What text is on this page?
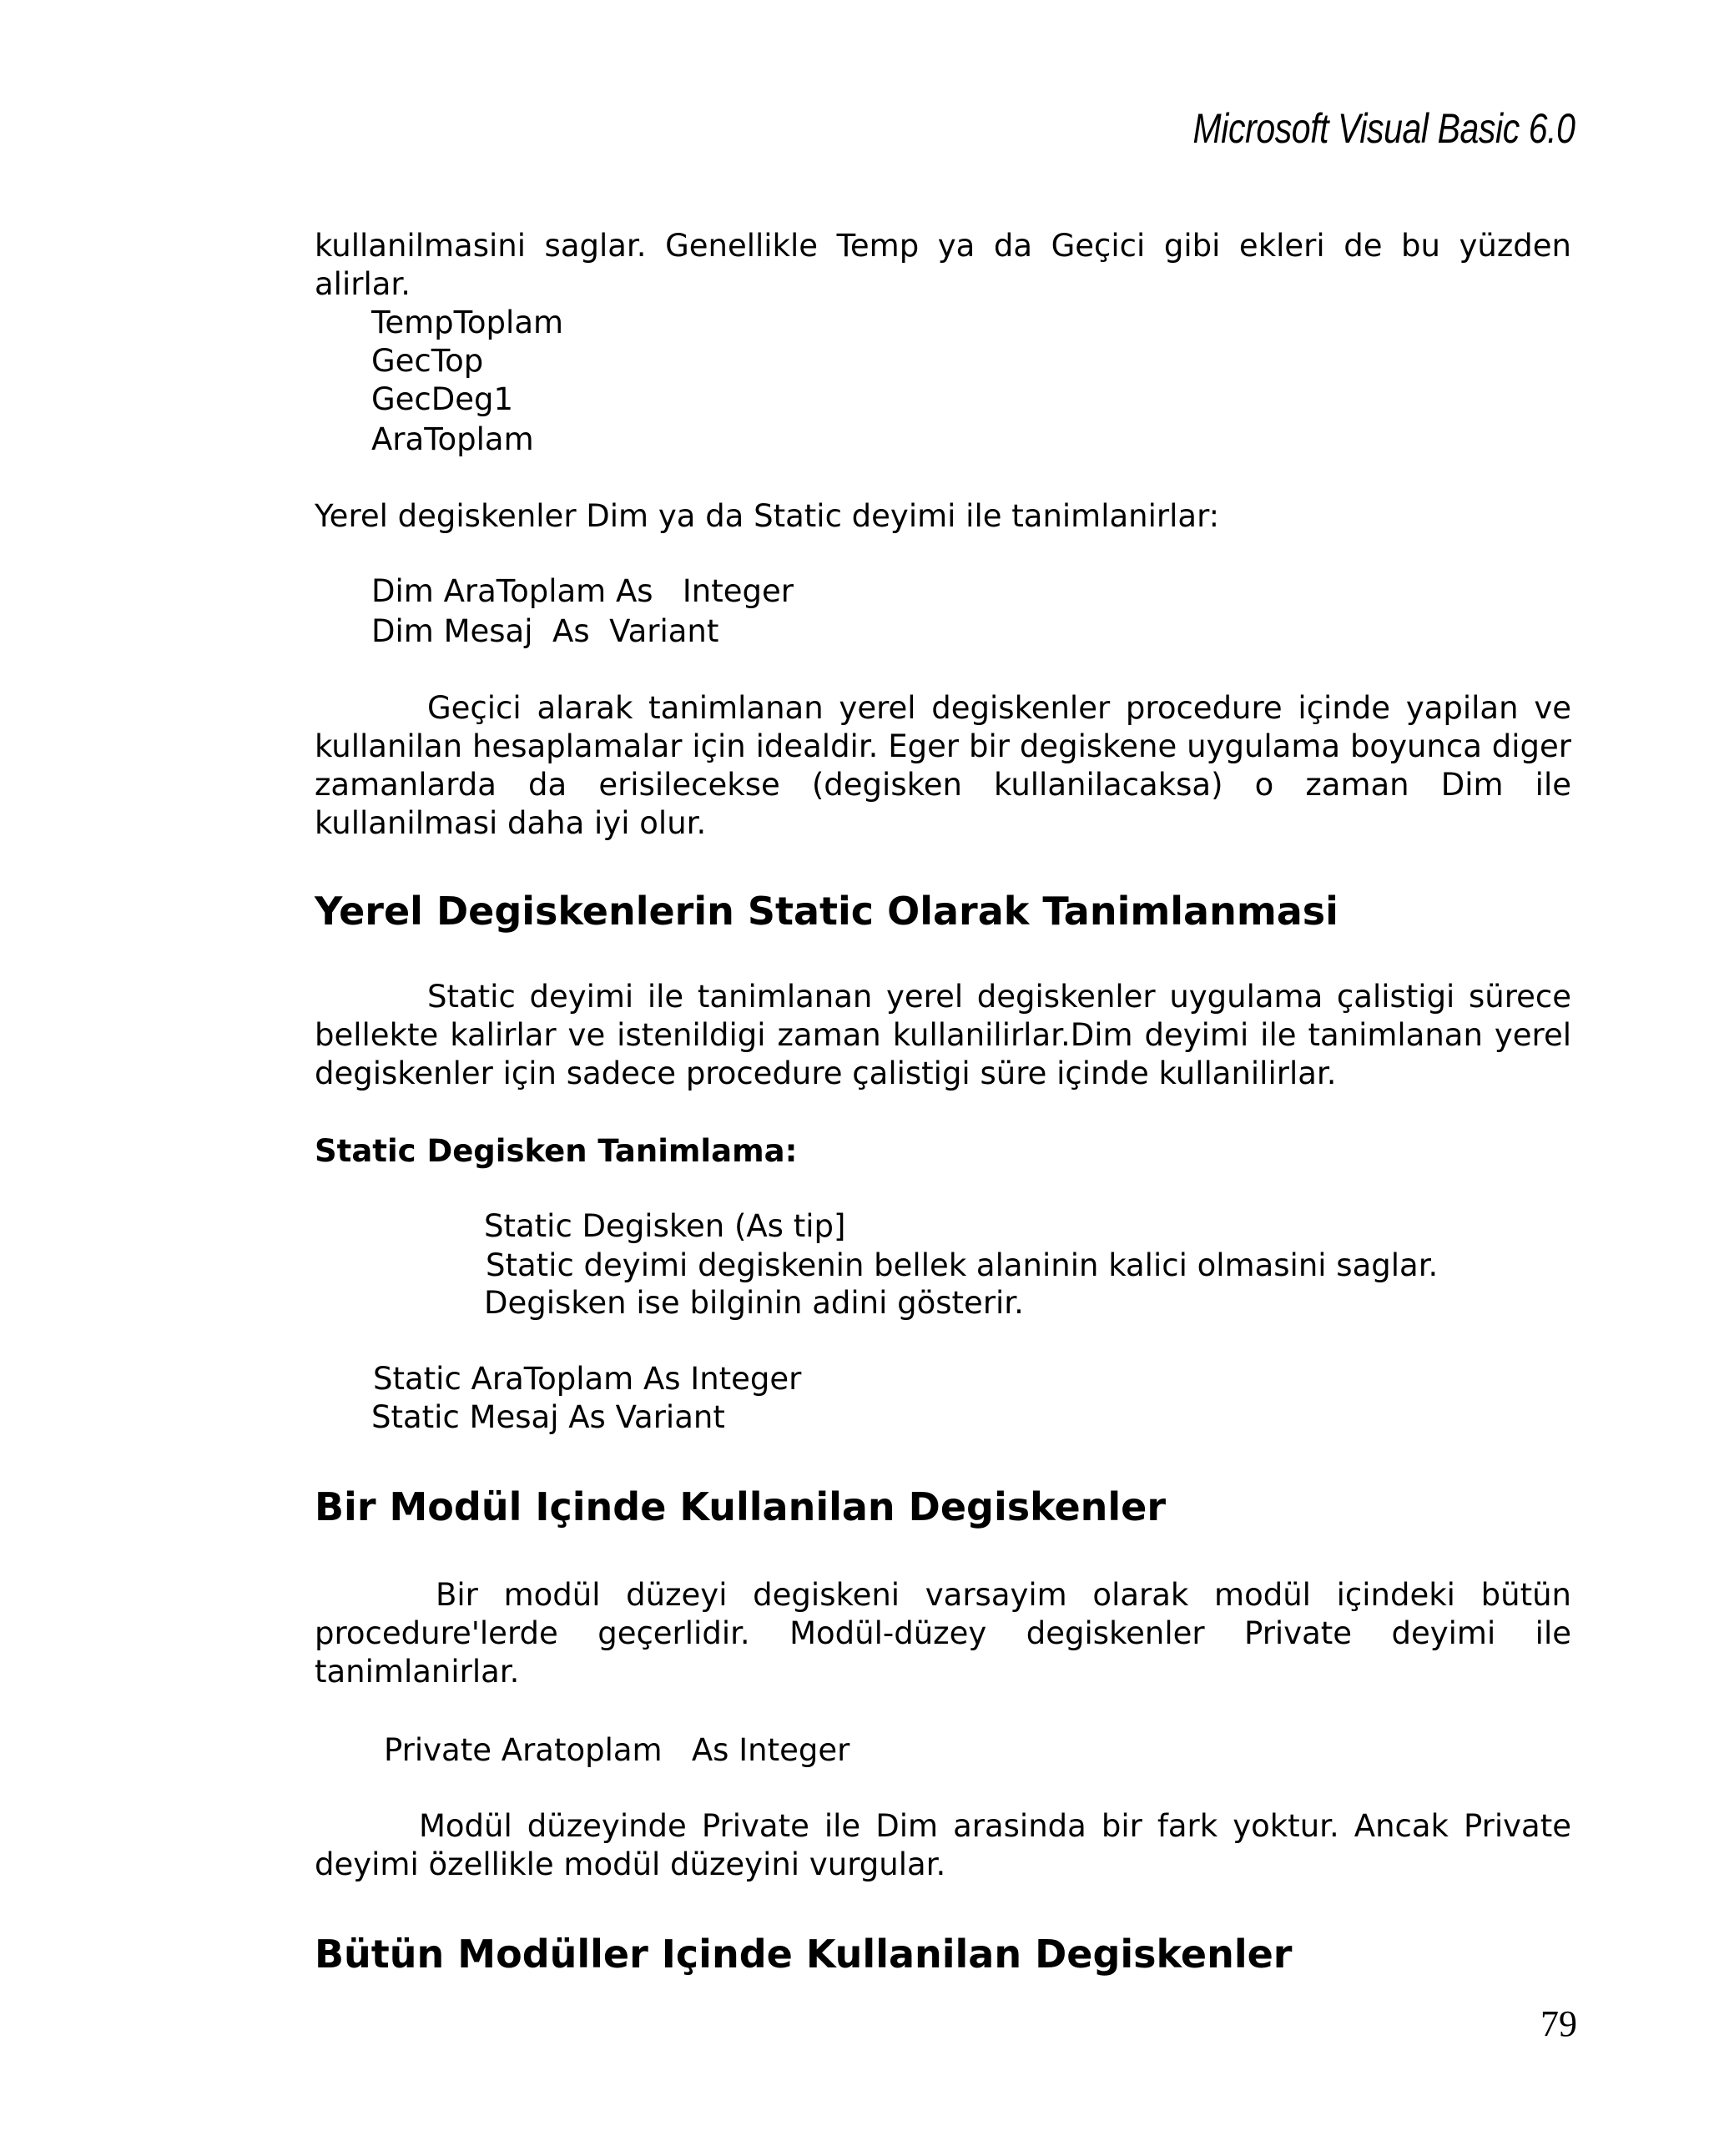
Microsoft Visual Basic 6.0

kullanilmasini saglar. Genellikle Temp ya da Geçici gibi ekleri de bu yüzden alirlar.

TempToplam
GecTop
GecDeg1
AraToplam

Yerel degiskenler Dim ya da Static deyimi ile tanimlanirlar:

Dim AraToplam As   Integer
Dim Mesaj  As  Variant

Geçici alarak tanimlanan yerel degiskenler procedure içinde yapilan ve kullanilan hesaplamalar için idealdir. Eger bir degiskene uygulama boyunca diger zamanlarda da erisilecekse (degisken kullanilacaksa) o zaman Dim ile kullanilmasi daha iyi olur.

Yerel Degiskenlerin Static Olarak Tanimlanmasi

Static deyimi ile tanimlanan yerel degiskenler uygulama çalistigi sürece bellekte kalirlar ve istenildigi zaman kullanilirlar.Dim deyimi ile tanimlanan yerel degiskenler için sadece procedure çalistigi süre içinde kullanilirlar.

Static Degisken Tanimlama:
Static Degisken (As tip]
Static deyimi degiskenin bellek alaninin kalici olmasini saglar.
Degisken ise bilginin adini gösterir.
Static AraToplam As Integer
Static Mesaj As Variant
Bir Modül Içinde Kullanilan Degiskenler

Bir modül düzeyi degiskeni varsayim olarak modül içindeki bütün procedure'lerde geçerlidir. Modül-düzey degiskenler Private deyimi ile tanimlanirlar.

Private Aratoplam   As Integer

Modül düzeyinde Private ile Dim arasinda bir fark yoktur. Ancak Private deyimi özellikle modül düzeyini vurgular.

Bütün Modüller Içinde Kullanilan Degiskenler
79
